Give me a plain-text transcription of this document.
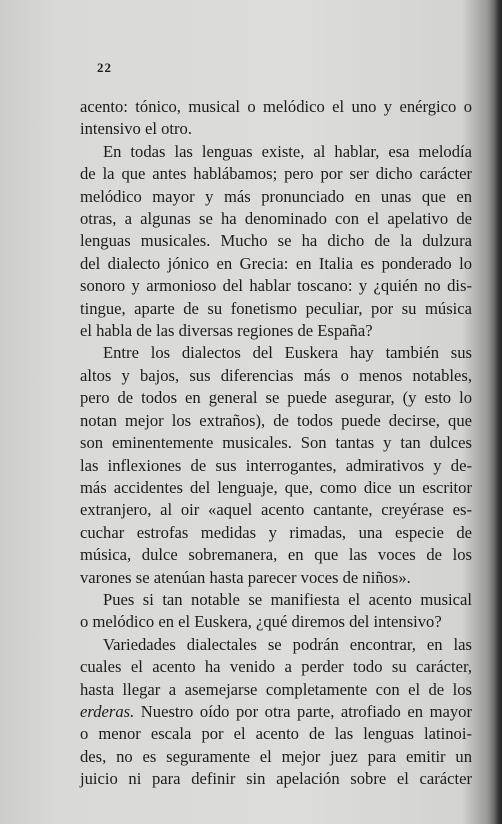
22
acento: tónico, musical o melódico el uno y enérgico o
intensivo el otro.
En todas las lenguas existe, al hablar, esa melodía
de la que antes hablábamos; pero por ser dicho carácter
melódico mayor y más pronunciado en unas que en
otras, a algunas se ha denominado con el apelativo de
lenguas musicales. Mucho se ha dicho de la dulzura
del dialecto jónico en Grecia: en Italia es ponderado lo
sonoro y armonioso del hablar toscano: y ¿quién no dis-
tingue, aparte de su fonetismo peculiar, por su música
el habla de las diversas regiones de España?
Entre los dialectos del Euskera hay también sus
altos y bajos, sus diferencias más o menos notables,
pero de todos en general se puede asegurar, (y esto lo
notan mejor los extraños), de todos puede decirse, que
son eminentemente musicales. Son tantas y tan dulces
las inflexiones de sus interrogantes, admirativos y de-
más accidentes del lenguaje, que, como dice un escritor
extranjero, al oir «aquel acento cantante, creyérase es-
cuchar estrofas medidas y rimadas, una especie de
música, dulce sobremanera, en que las voces de los
varones se atenúan hasta parecer voces de niños».
Pues si tan notable se manifiesta el acento musical
o melódico en el Euskera, ¿qué diremos del intensivo?
Variedades dialectales se podrán encontrar, en las
cuales el acento ha venido a perder todo su carácter,
hasta llegar a asemejarse completamente con el de los
erderas. Nuestro oído por otra parte, atrofiado en mayor
o menor escala por el acento de las lenguas latinoi-
des, no es seguramente el mejor juez para emitir un
juicio ni para definir sin apelación sobre el carácter
